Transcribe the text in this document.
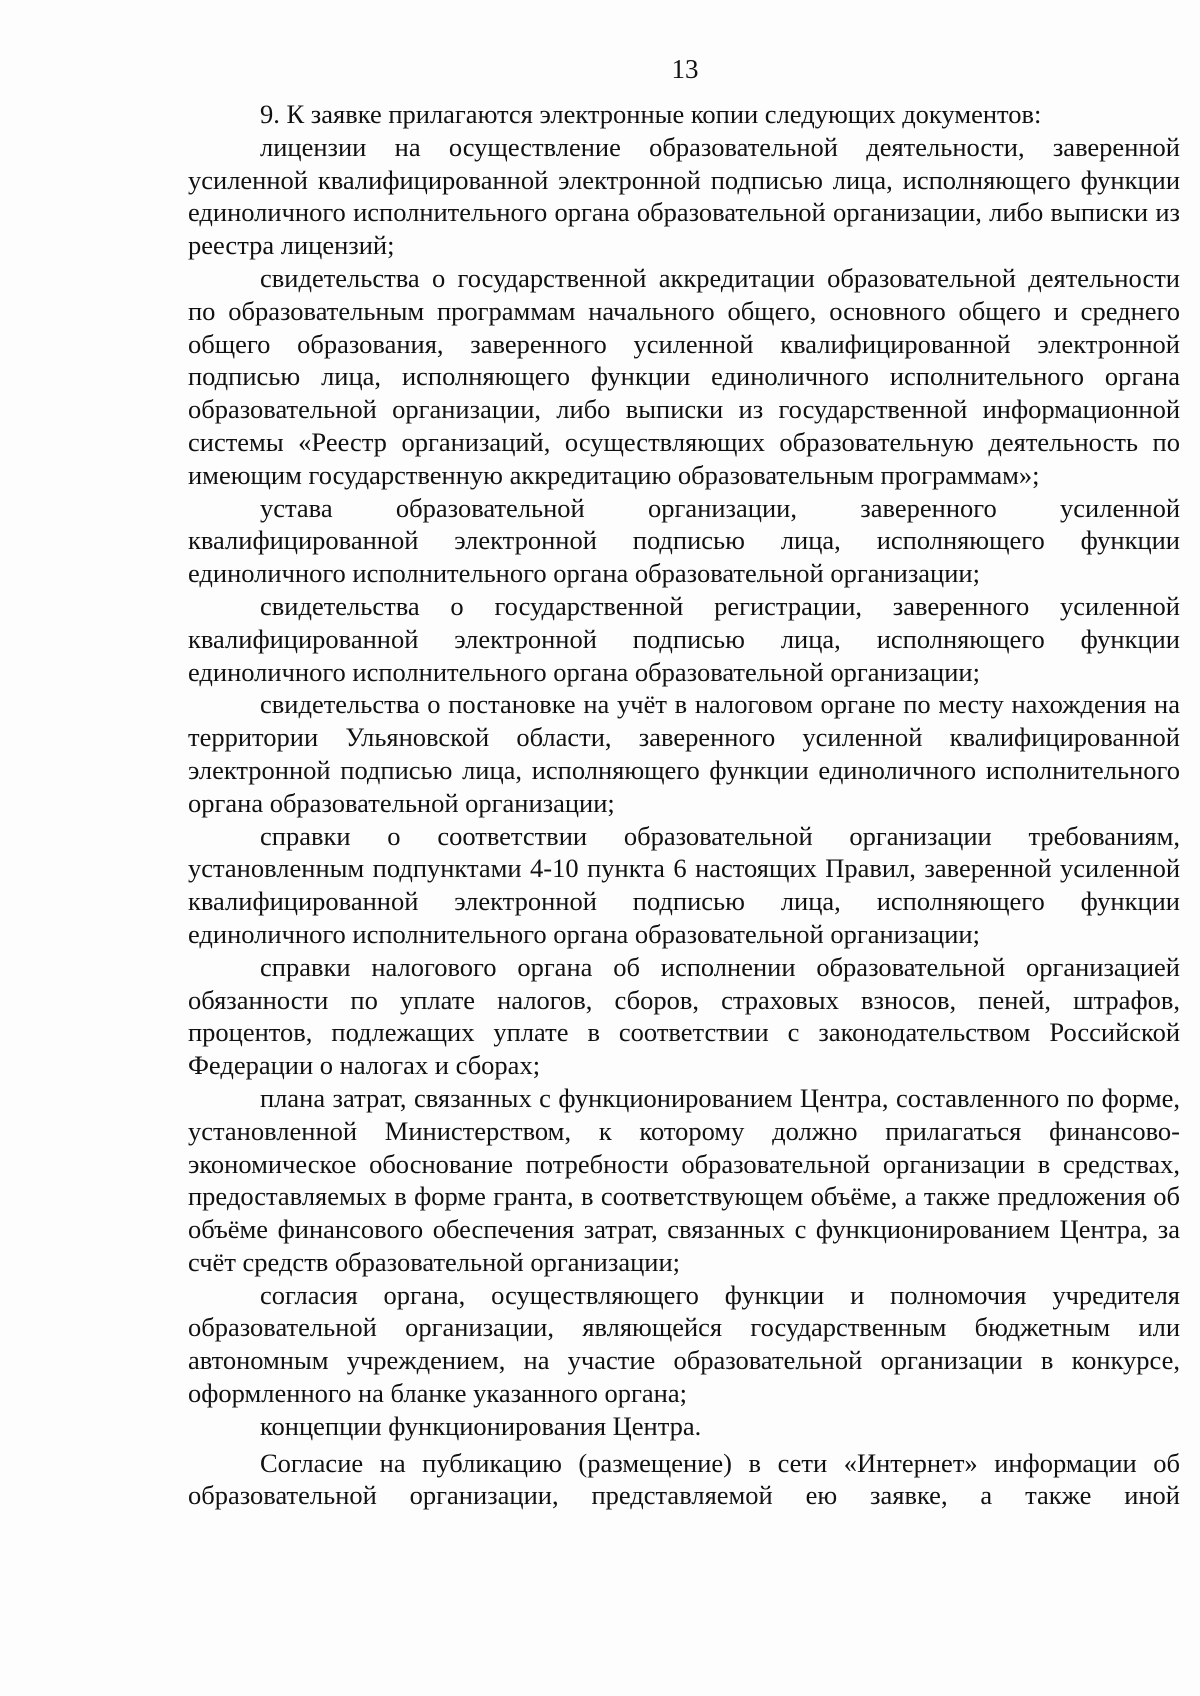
13

9. К заявке прилагаются электронные копии следующих документов:

лицензии на осуществление образовательной деятельности, заверенной усиленной квалифицированной электронной подписью лица, исполняющего функции единоличного исполнительного органа образовательной организации, либо выписки из реестра лицензий;

свидетельства о государственной аккредитации образовательной деятельности по образовательным программам начального общего, основного общего и среднего общего образования, заверенного усиленной квалифицированной электронной подписью лица, исполняющего функции единоличного исполнительного органа образовательной организации, либо выписки из государственной информационной системы «Реестр организаций, осуществляющих образовательную деятельность по имеющим государственную аккредитацию образовательным программам»;

устава образовательной организации, заверенного усиленной квалифицированной электронной подписью лица, исполняющего функции единоличного исполнительного органа образовательной организации;

свидетельства о государственной регистрации, заверенного усиленной квалифицированной электронной подписью лица, исполняющего функции единоличного исполнительного органа образовательной организации;

свидетельства о постановке на учёт в налоговом органе по месту нахождения на территории Ульяновской области, заверенного усиленной квалифицированной электронной подписью лица, исполняющего функции единоличного исполнительного органа образовательной организации;

справки о соответствии образовательной организации требованиям, установленным подпунктами 4-10 пункта 6 настоящих Правил, заверенной усиленной квалифицированной электронной подписью лица, исполняющего функции единоличного исполнительного органа образовательной организации;

справки налогового органа об исполнении образовательной организацией обязанности по уплате налогов, сборов, страховых взносов, пеней, штрафов, процентов, подлежащих уплате в соответствии с законодательством Российской Федерации о налогах и сборах;

плана затрат, связанных с функционированием Центра, составленного по форме, установленной Министерством, к которому должно прилагаться финансово-экономическое обоснование потребности образовательной организации в средствах, предоставляемых в форме гранта, в соответствующем объёме, а также предложения об объёме финансового обеспечения затрат, связанных с функционированием Центра, за счёт средств образовательной организации;

согласия органа, осуществляющего функции и полномочия учредителя образовательной организации, являющейся государственным бюджетным или автономным учреждением, на участие образовательной организации в конкурсе, оформленного на бланке указанного органа;

концепции функционирования Центра.

Согласие на публикацию (размещение) в сети «Интернет» информации об образовательной организации, представляемой ею заявке, а также иной
